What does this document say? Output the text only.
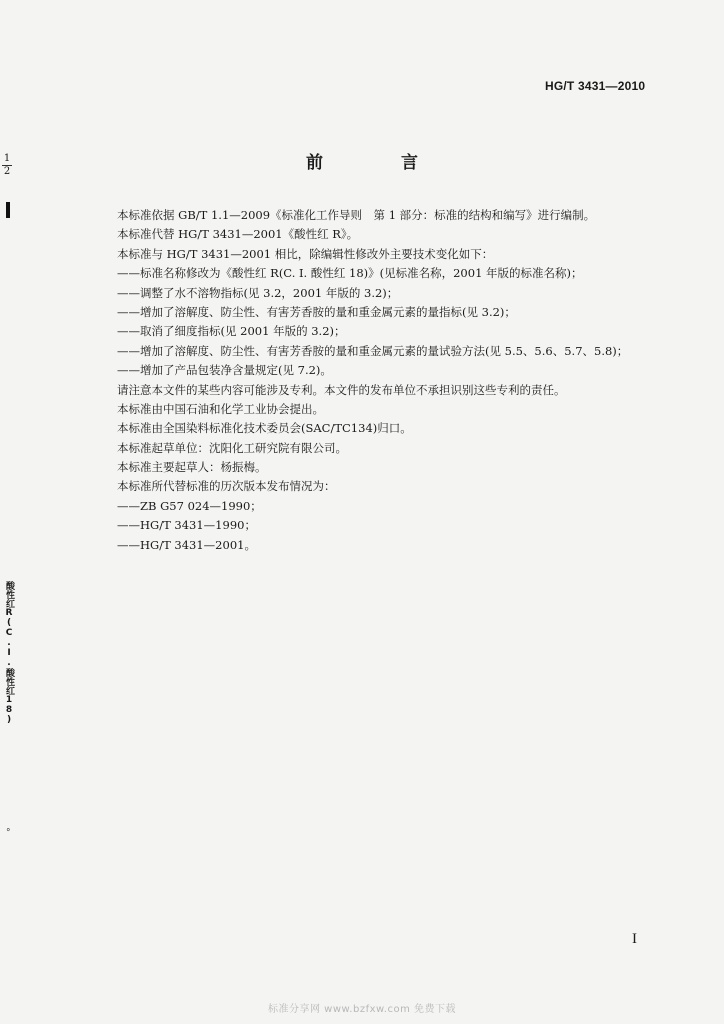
HG/T 3431—2010
前 言
1
2
本标准依据 GB/T 1.1—2009《标准化工作导则　第 1 部分：标准的结构和编写》进行编制。
本标准代替 HG/T 3431—2001《酸性红 R》。
本标准与 HG/T 3431—2001 相比，除编辑性修改外主要技术变化如下：
——标准名称修改为《酸性红 R(C. I. 酸性红 18)》(见标准名称，2001 年版的标准名称)；
——调整了水不溶物指标(见 3.2，2001 年版的 3.2)；
——增加了溶解度、防尘性、有害芳香胺的量和重金属元素的量指标(见 3.2)；
——取消了细度指标(见 2001 年版的 3.2)；
——增加了溶解度、防尘性、有害芳香胺的量和重金属元素的量试验方法(见 5.5、5.6、5.7、5.8)；
——增加了产品包装净含量规定(见 7.2)。
请注意本文件的某些内容可能涉及专利。本文件的发布单位不承担识别这些专利的责任。
本标准由中国石油和化学工业协会提出。
本标准由全国染料标准化技术委员会(SAC/TC134)归口。
本标准起草单位：沈阳化工研究院有限公司。
本标准主要起草人：杨振梅。
本标准所代替标准的历次版本发布情况为：
——ZB G57 024—1990；
——HG/T 3431—1990；
——HG/T 3431—2001。
酸性红R(C.I.酸性红18)
°
I
标准分享网 www.bzfxw.com 免费下载
